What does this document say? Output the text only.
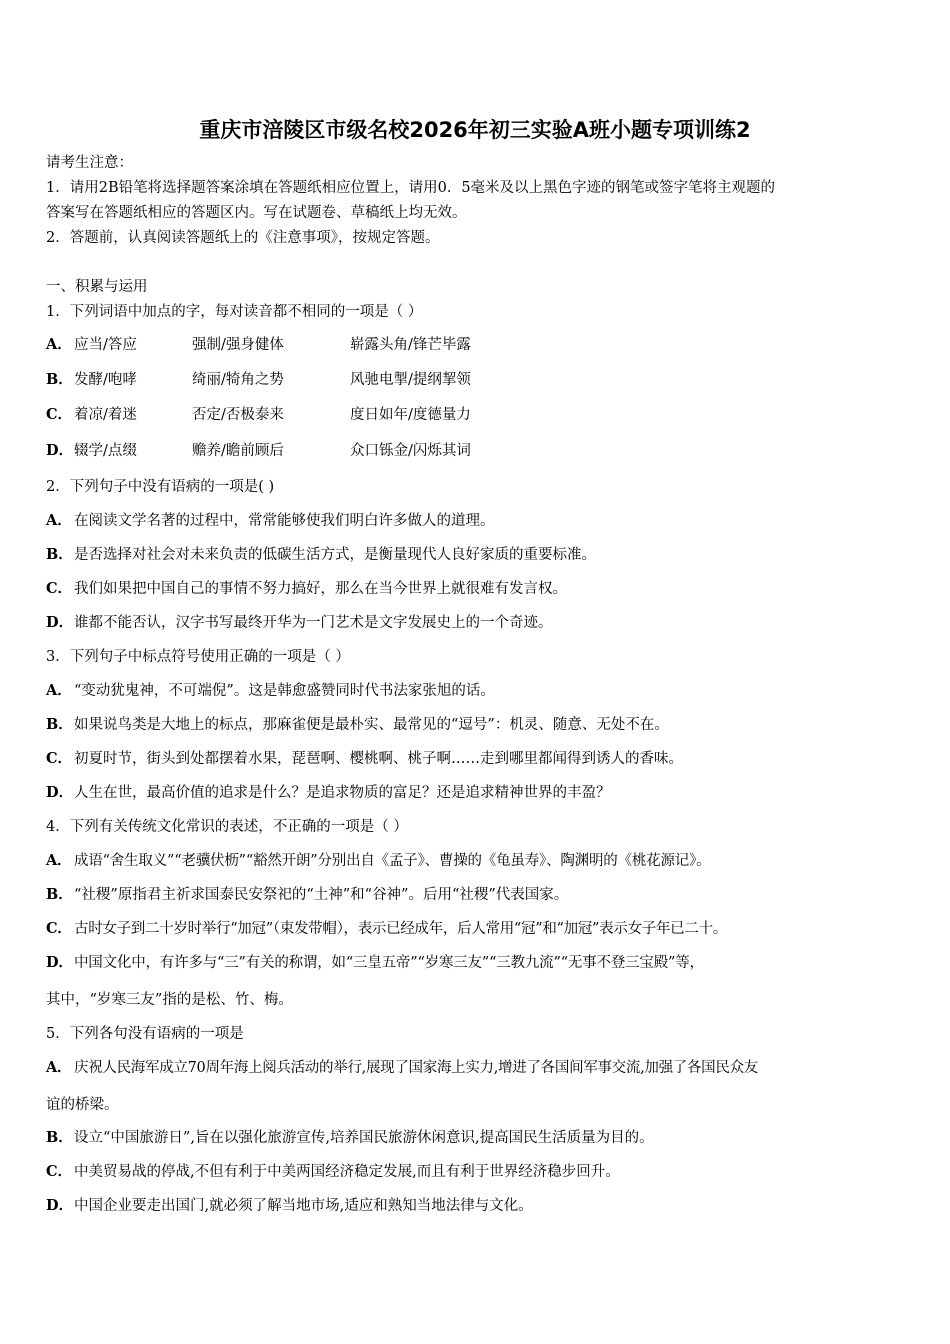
重庆市涪陵区市级名校2026年初三实验A班小题专项训练2
请考生注意：
1．请用2B铅笔将选择题答案涂填在答题纸相应位置上，请用0．5毫米及以上黑色字迹的钢笔或签字笔将主观题的
答案写在答题纸相应的答题区内。写在试题卷、草稿纸上均无效。
2．答题前，认真阅读答题纸上的《注意事项》，按规定答题。
一、积累与运用
1．下列词语中加点的字，每对读音都不相同的一项是（ ）
A． 应当/答应	强制/强身健体	崭露头角/锋芒毕露
B．发酵/咆哮	绮丽/犄角之势	风驰电掣/提纲挈领
C． 着凉/着迷	否定/否极泰来	度日如年/度德量力
D．辍学/点缀	赡养/瞻前顾后	众口铄金/闪烁其词
2．下列句子中没有语病的一项是( )
A． 在阅读文学名著的过程中，常常能够使我们明白许多做人的道理。
B．是否选择对社会对未来负责的低碳生活方式，是衡量现代人良好家质的重要标准。
C． 我们如果把中国自己的事情不努力搞好，那么在当今世界上就很难有发言权。
D．谁都不能否认，汉字书写最终开华为一门艺术是文字发展史上的一个奇迹。
3．下列句子中标点符号使用正确的一项是（ ）
A． “变动犹鬼神，不可端倪”。这是韩愈盛赞同时代书法家张旭的话。
B．如果说鸟类是大地上的标点，那麻雀便是最朴实、最常见的“逗号”：机灵、随意、无处不在。
C． 初夏时节，街头到处都摆着水果，琵琶啊、樱桃啊、桃子啊……走到哪里都闻得到诱人的香味。
D．人生在世，最高价值的追求是什么？是追求物质的富足？还是追求精神世界的丰盈？
4．下列有关传统文化常识的表述，不正确的一项是（ ）
A． 成语“舍生取义”“老骥伏枥”“豁然开朗”分别出自《孟子》、曹操的《龟虽寿》、陶渊明的《桃花源记》。
B．“社稷”原指君主祈求国泰民安祭祀的“土神”和“谷神”。后用“社稷”代表国家。
C． 古时女子到二十岁时举行“加冠”（束发带帽），表示已经成年，后人常用“冠”和“加冠”表示女子年已二十。
D．中国文化中，有许多与“三”有关的称谓，如“三皇五帝”“岁寒三友”“三教九流”“无事不登三宝殿”等，
其中，“岁寒三友”指的是松、竹、梅。
5．下列各句没有语病的一项是
A． 庆祝人民海军成立70周年海上阅兵活动的举行,展现了国家海上实力,增进了各国间军事交流,加强了各国民众友
谊的桥梁。
B．设立“中国旅游日”,旨在以强化旅游宣传,培养国民旅游休闲意识,提高国民生活质量为目的。
C． 中美贸易战的停战,不但有利于中美两国经济稳定发展,而且有利于世界经济稳步回升。
D．中国企业要走出国门,就必须了解当地市场,适应和熟知当地法律与文化。
